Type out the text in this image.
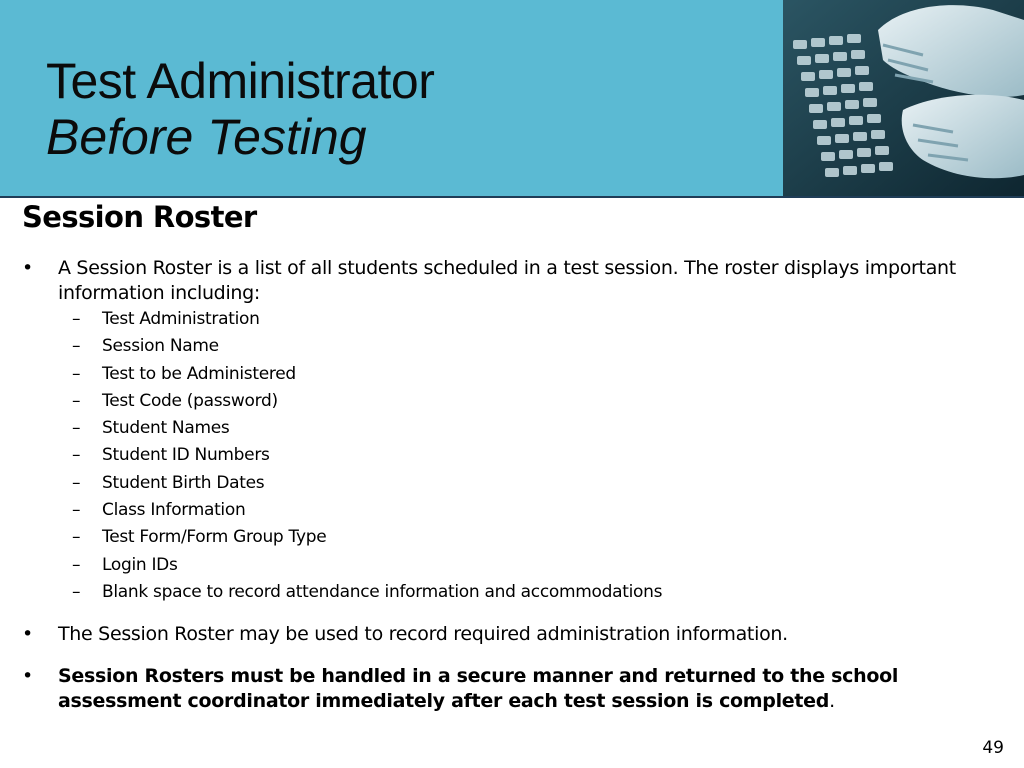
Test Administrator
Before Testing
Session Roster
• A Session Roster is a list of all students scheduled in a test session. The roster displays important information including:
– Test Administration
– Session Name
– Test to be Administered
– Test Code (password)
– Student Names
– Student ID Numbers
– Student Birth Dates
– Class Information
– Test Form/Form Group Type
– Login IDs
– Blank space to record attendance information and accommodations
• The Session Roster may be used to record required administration information.
• Session Rosters must be handled in a secure manner and returned to the school assessment coordinator immediately after each test session is completed.
49
